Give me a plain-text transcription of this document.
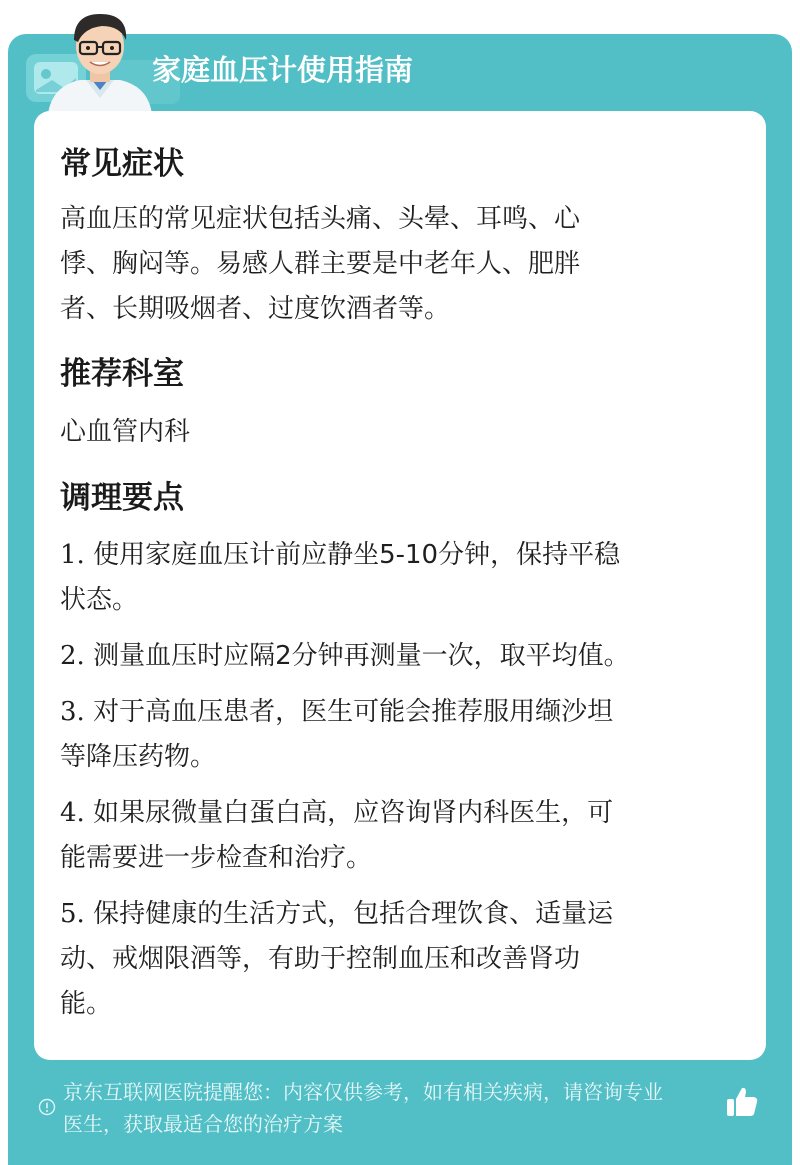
家庭血压计使用指南
常见症状
高血压的常见症状包括头痛、头晕、耳鸣、心
悸、胸闷等。易感人群主要是中老年人、肥胖
者、长期吸烟者、过度饮酒者等。
推荐科室
心血管内科
调理要点
1. 使用家庭血压计前应静坐5-10分钟，保持平稳
状态。
2. 测量血压时应隔2分钟再测量一次，取平均值。
3. 对于高血压患者，医生可能会推荐服用缬沙坦
等降压药物。
4. 如果尿微量白蛋白高，应咨询肾内科医生，可
能需要进一步检查和治疗。
5. 保持健康的生活方式，包括合理饮食、适量运
动、戒烟限酒等，有助于控制血压和改善肾功
能。
京东互联网医院提醒您：内容仅供参考，如有相关疾病，请咨询专业
医生，获取最适合您的治疗方案
